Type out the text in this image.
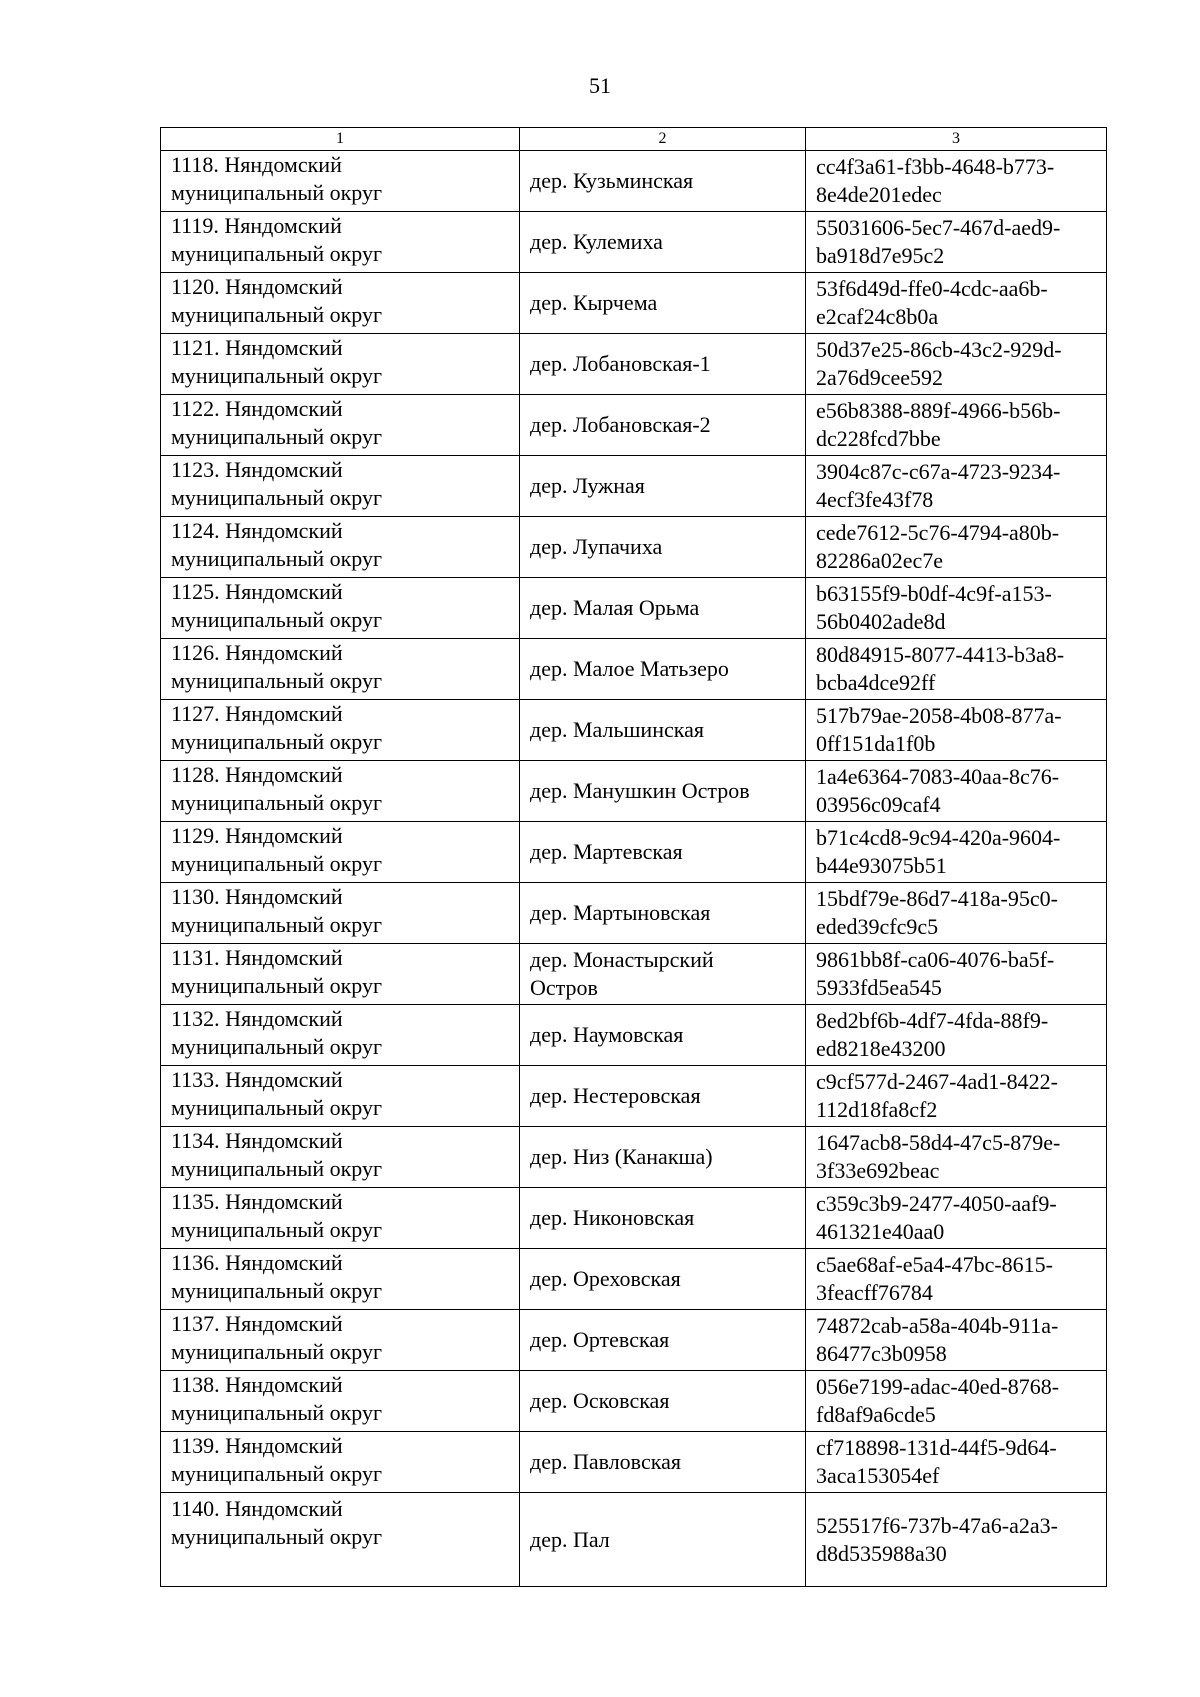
51
1	2	3

1118. Няндомский
муниципальный округ	дер. Кузьминская	cc4f3a61-f3bb-4648-b773-
8e4de201edec

1119. Няндомский
муниципальный округ	дер. Кулемиха	55031606-5ec7-467d-aed9-
ba918d7e95c2

1120. Няндомский
муниципальный округ	дер. Кырчема	53f6d49d-ffe0-4cdc-aa6b-
e2caf24c8b0a

1121. Няндомский
муниципальный округ	дер. Лобановская-1	50d37e25-86cb-43c2-929d-
2a76d9cee592

1122. Няндомский
муниципальный округ	дер. Лобановская-2	e56b8388-889f-4966-b56b-
dc228fcd7bbe

1123. Няндомский
муниципальный округ	дер. Лужная	3904c87c-c67a-4723-9234-
4ecf3fe43f78

1124. Няндомский
муниципальный округ	дер. Лупачиха	cede7612-5c76-4794-a80b-
82286a02ec7e

1125. Няндомский
муниципальный округ	дер. Малая Орьма	b63155f9-b0df-4c9f-a153-
56b0402ade8d

1126. Няндомский
муниципальный округ	дер. Малое Матьзеро	80d84915-8077-4413-b3a8-
bcba4dce92ff

1127. Няндомский
муниципальный округ	дер. Мальшинская	517b79ae-2058-4b08-877a-
0ff151da1f0b

1128. Няндомский
муниципальный округ	дер. Манушкин Остров	1a4e6364-7083-40aa-8c76-
03956c09caf4

1129. Няндомский
муниципальный округ	дер. Мартевская	b71c4cd8-9c94-420a-9604-
b44e93075b51

1130. Няндомский
муниципальный округ	дер. Мартыновская	15bdf79e-86d7-418a-95c0-
eded39cfc9c5

1131. Няндомский
муниципальный округ	дер. Монастырский
Остров	9861bb8f-ca06-4076-ba5f-
5933fd5ea545

1132. Няндомский
муниципальный округ	дер. Наумовская	8ed2bf6b-4df7-4fda-88f9-
ed8218e43200

1133. Няндомский
муниципальный округ	дер. Нестеровская	c9cf577d-2467-4ad1-8422-
112d18fa8cf2

1134. Няндомский
муниципальный округ	дер. Низ (Канакша)	1647acb8-58d4-47c5-879e-
3f33e692beac

1135. Няндомский
муниципальный округ	дер. Никоновская	c359c3b9-2477-4050-aaf9-
461321e40aa0

1136. Няндомский
муниципальный округ	дер. Ореховская	c5ae68af-e5a4-47bc-8615-
3feacff76784

1137. Няндомский
муниципальный округ	дер. Ортевская	74872cab-a58a-404b-911a-
86477c3b0958

1138. Няндомский
муниципальный округ	дер. Осковская	056e7199-adac-40ed-8768-
fd8af9a6cde5

1139. Няндомский
муниципальный округ	дер. Павловская	cf718898-131d-44f5-9d64-
3aca153054ef

1140. Няндомский
муниципальный округ	дер. Пал	525517f6-737b-47a6-a2a3-
d8d535988a30
